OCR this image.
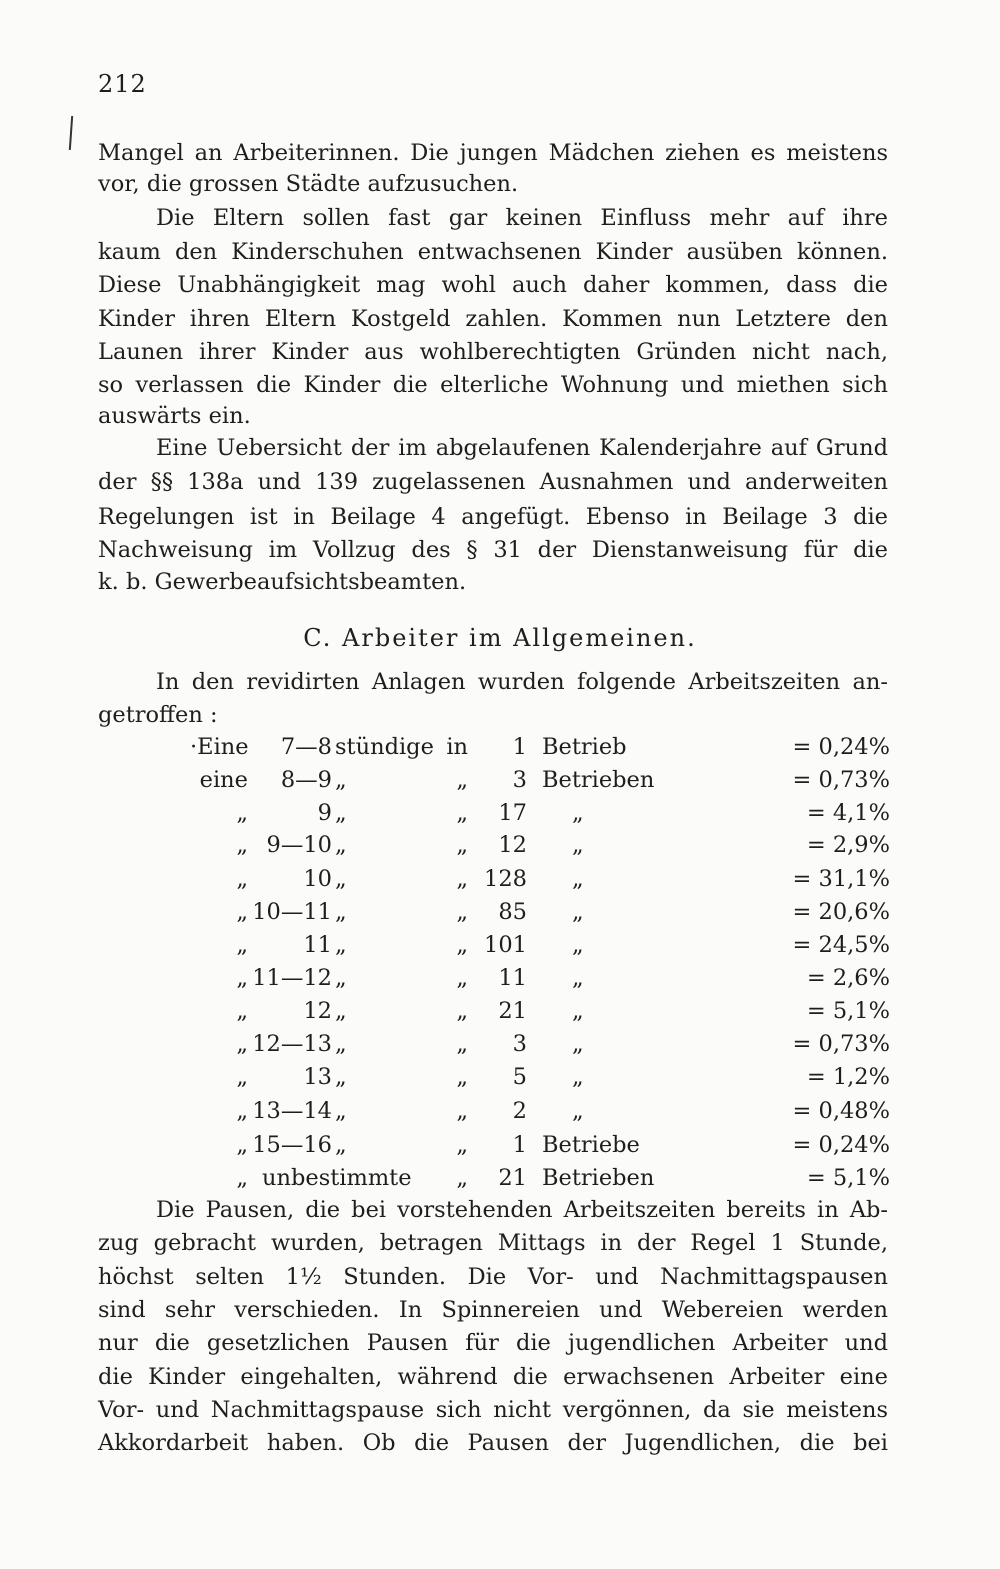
212
Mangel an Arbeiterinnen. Die jungen Mädchen ziehen es meistens
vor, die grossen Städte aufzusuchen.
Die Eltern sollen fast gar keinen Einfluss mehr auf ihre
kaum den Kinderschuhen entwachsenen Kinder ausüben können.
Diese Unabhängigkeit mag wohl auch daher kommen, dass die
Kinder ihren Eltern Kostgeld zahlen. Kommen nun Letztere den
Launen ihrer Kinder aus wohlberechtigten Gründen nicht nach,
so verlassen die Kinder die elterliche Wohnung und miethen sich
auswärts ein.
Eine Uebersicht der im abgelaufenen Kalenderjahre auf Grund
der §§ 138a und 139 zugelassenen Ausnahmen und anderweiten
Regelungen ist in Beilage 4 angefügt. Ebenso in Beilage 3 die
Nachweisung im Vollzug des § 31 der Dienstanweisung für die
k. b. Gewerbeaufsichtsbeamten.
C. Arbeiter im Allgemeinen.
In den revidirten Anlagen wurden folgende Arbeitszeiten an-
getroffen :
·Eine 7—8 stündige in 1 Betrieb	= 0,24%
eine 8—9 „	„ 3 Betrieben	= 0,73%
„	9 „	„ 17 „	= 4,1%
„ 9—10 „	„ 12 „	= 2,9%
„ 10 „	„ 128 „	= 31,1%
„ 10—11 „	„ 85 „	= 20,6%
„ 11 „	„ 101 „	= 24,5%
„ 11—12 „	„ 11 „	= 2,6%
„ 12 „	„ 21 „	= 5,1%
„ 12—13 „	„ 3 „	= 0,73%
„ 13 „	„ 5 „	= 1,2%
„ 13—14 „	„ 2 „	= 0,48%
„ 15—16 „	„ 1 Betriebe	= 0,24%
„ unbestimmte „ 21 Betrieben	= 5,1%
Die Pausen, die bei vorstehenden Arbeitszeiten bereits in Ab-
zug gebracht wurden, betragen Mittags in der Regel 1 Stunde,
höchst selten 1½ Stunden. Die Vor- und Nachmittagspausen
sind sehr verschieden. In Spinnereien und Webereien werden
nur die gesetzlichen Pausen für die jugendlichen Arbeiter und
die Kinder eingehalten, während die erwachsenen Arbeiter eine
Vor- und Nachmittagspause sich nicht vergönnen, da sie meistens
Akkordarbeit haben. Ob die Pausen der Jugendlichen, die bei
